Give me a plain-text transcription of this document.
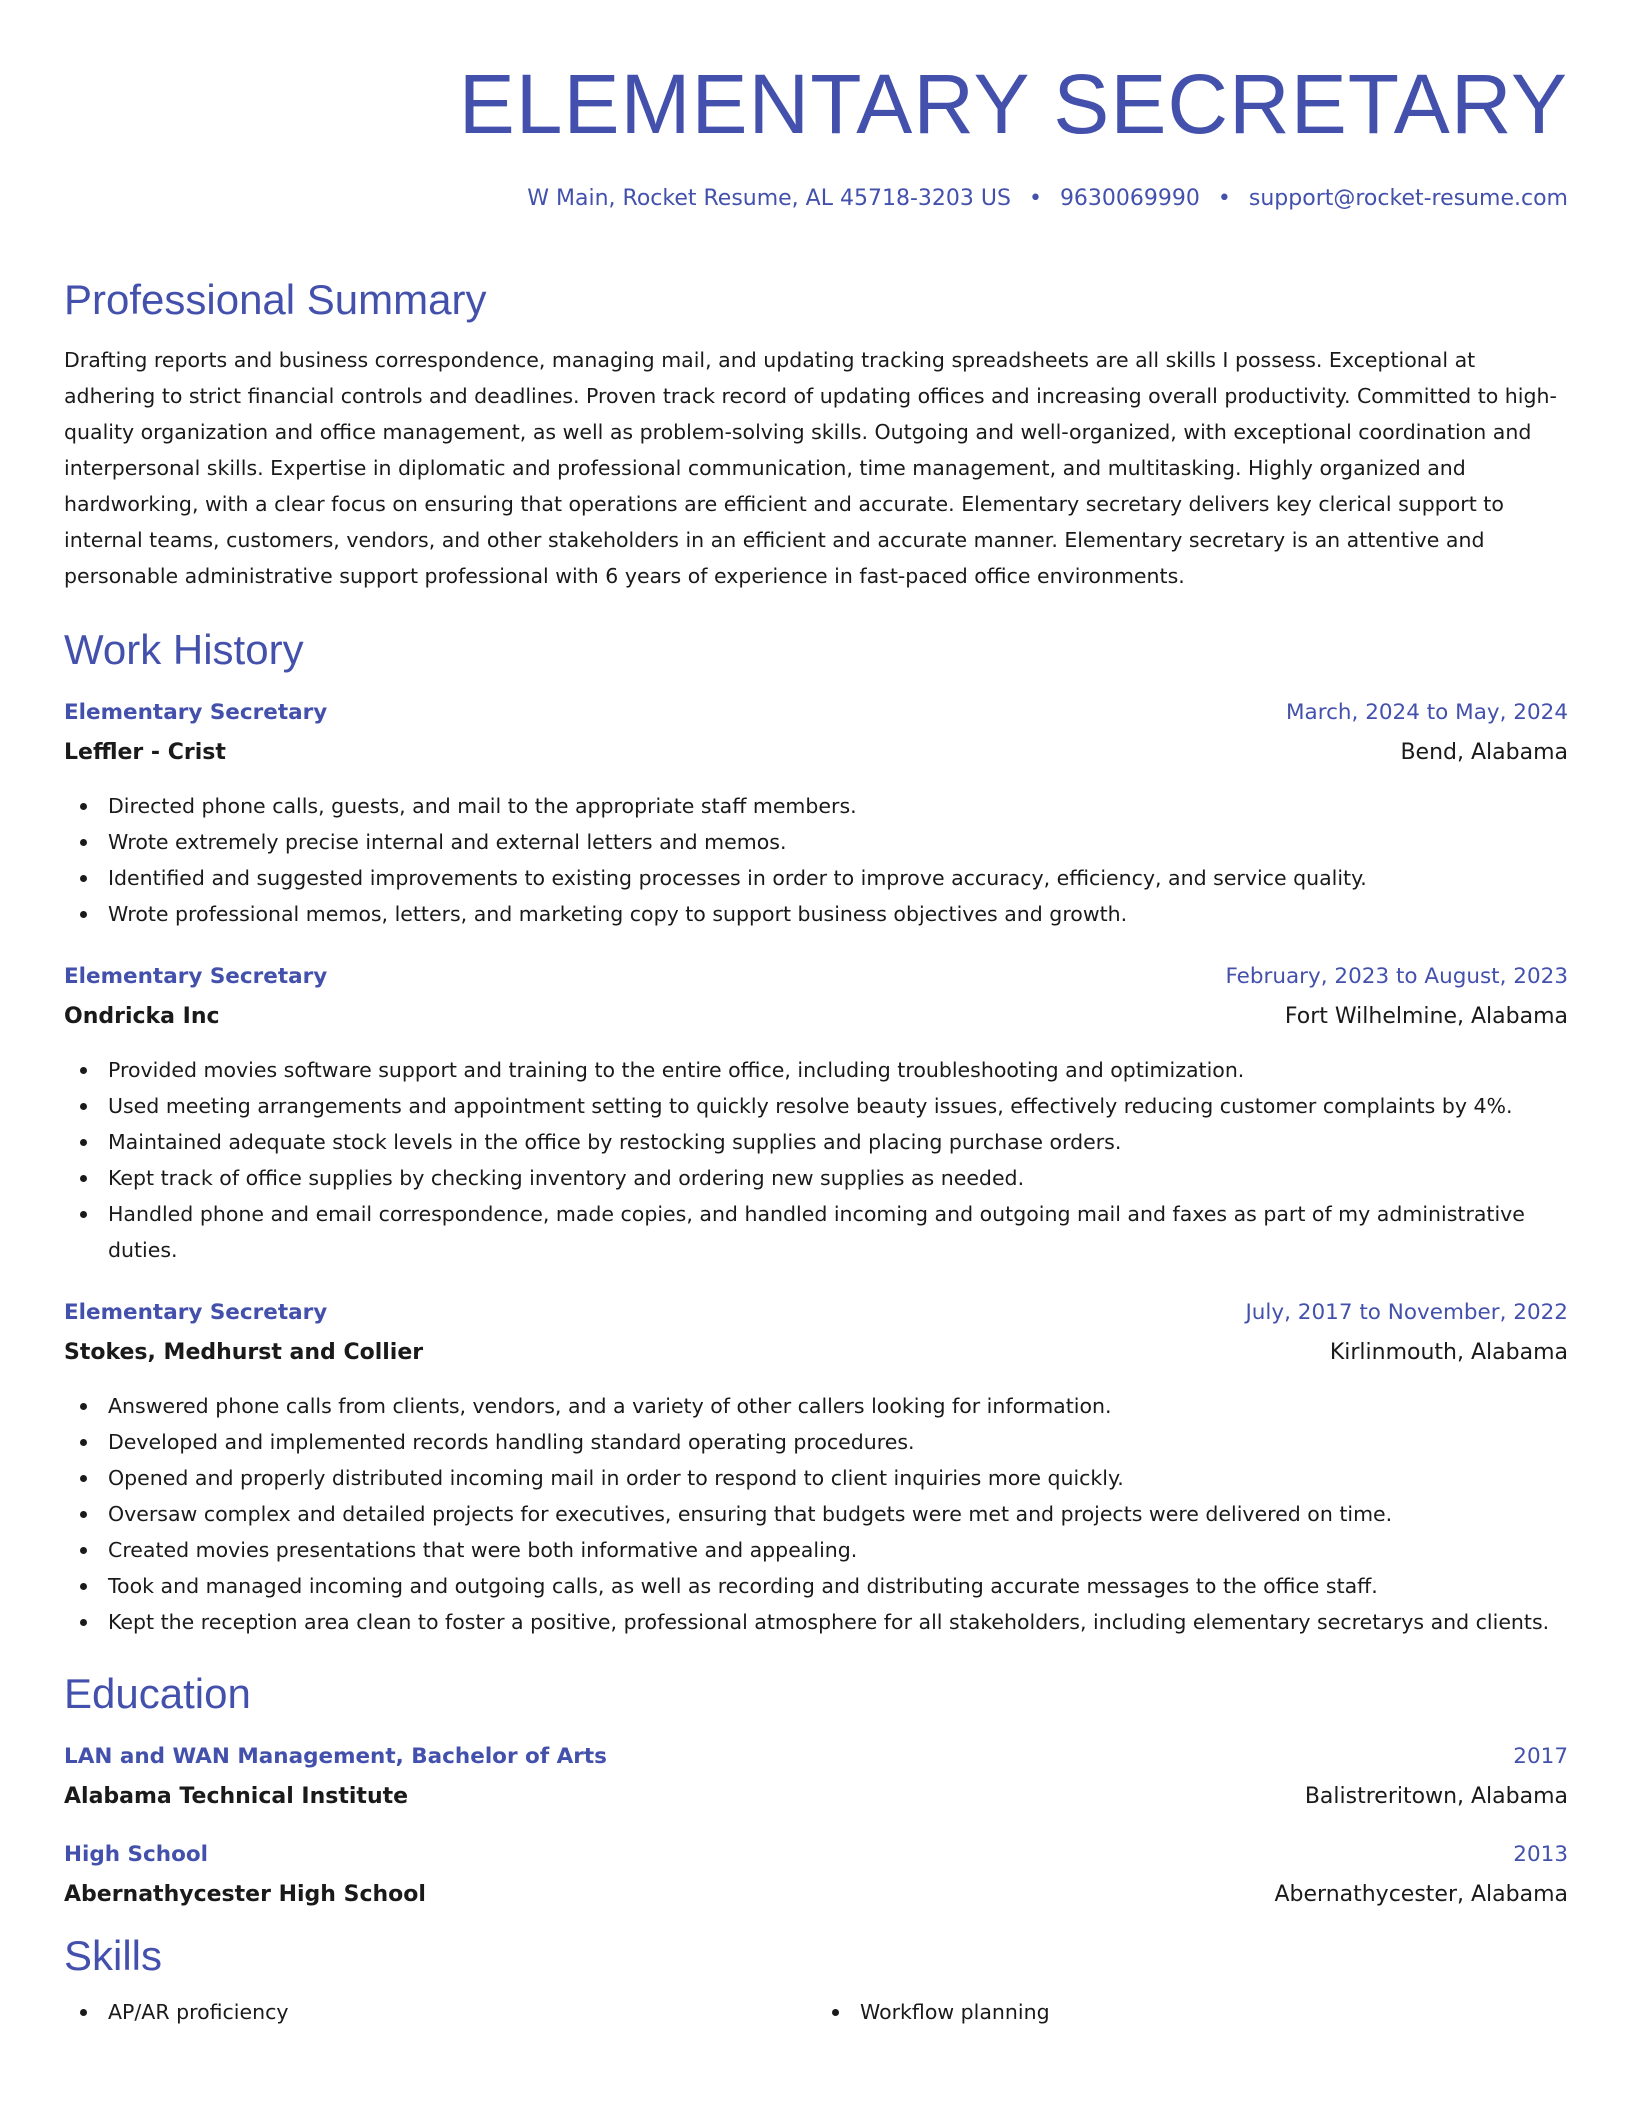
ELEMENTARY SECRETARY
W Main, Rocket Resume, AL 45718-3203 US • 9630069990 • support@rocket-resume.com
Professional Summary

Drafting reports and business correspondence, managing mail, and updating tracking spreadsheets are all skills I possess. Exceptional at adhering to strict financial controls and deadlines. Proven track record of updating offices and increasing overall productivity. Committed to high-quality organization and office management, as well as problem-solving skills. Outgoing and well-organized, with exceptional coordination and interpersonal skills. Expertise in diplomatic and professional communication, time management, and multitasking. Highly organized and hardworking, with a clear focus on ensuring that operations are efficient and accurate. Elementary secretary delivers key clerical support to internal teams, customers, vendors, and other stakeholders in an efficient and accurate manner. Elementary secretary is an attentive and personable administrative support professional with 6 years of experience in fast-paced office environments.

Work History
Elementary Secretary	March, 2024 to May, 2024
Leffler - Crist	Bend, Alabama
Directed phone calls, guests, and mail to the appropriate staff members.
Wrote extremely precise internal and external letters and memos.
Identified and suggested improvements to existing processes in order to improve accuracy, efficiency, and service quality.
Wrote professional memos, letters, and marketing copy to support business objectives and growth.
Elementary Secretary	February, 2023 to August, 2023
Ondricka Inc	Fort Wilhelmine, Alabama
Provided movies software support and training to the entire office, including troubleshooting and optimization.
Used meeting arrangements and appointment setting to quickly resolve beauty issues, effectively reducing customer complaints by 4%.
Maintained adequate stock levels in the office by restocking supplies and placing purchase orders.
Kept track of office supplies by checking inventory and ordering new supplies as needed.
Handled phone and email correspondence, made copies, and handled incoming and outgoing mail and faxes as part of my administrative duties.
Elementary Secretary	July, 2017 to November, 2022
Stokes, Medhurst and Collier	Kirlinmouth, Alabama
Answered phone calls from clients, vendors, and a variety of other callers looking for information.
Developed and implemented records handling standard operating procedures.
Opened and properly distributed incoming mail in order to respond to client inquiries more quickly.
Oversaw complex and detailed projects for executives, ensuring that budgets were met and projects were delivered on time.
Created movies presentations that were both informative and appealing.
Took and managed incoming and outgoing calls, as well as recording and distributing accurate messages to the office staff.
Kept the reception area clean to foster a positive, professional atmosphere for all stakeholders, including elementary secretarys and clients.
Education
LAN and WAN Management, Bachelor of Arts	2017
Alabama Technical Institute	Balistreritown, Alabama
High School	2013
Abernathycester High School	Abernathycester, Alabama
Skills
AP/AR proficiency	Workflow planning
